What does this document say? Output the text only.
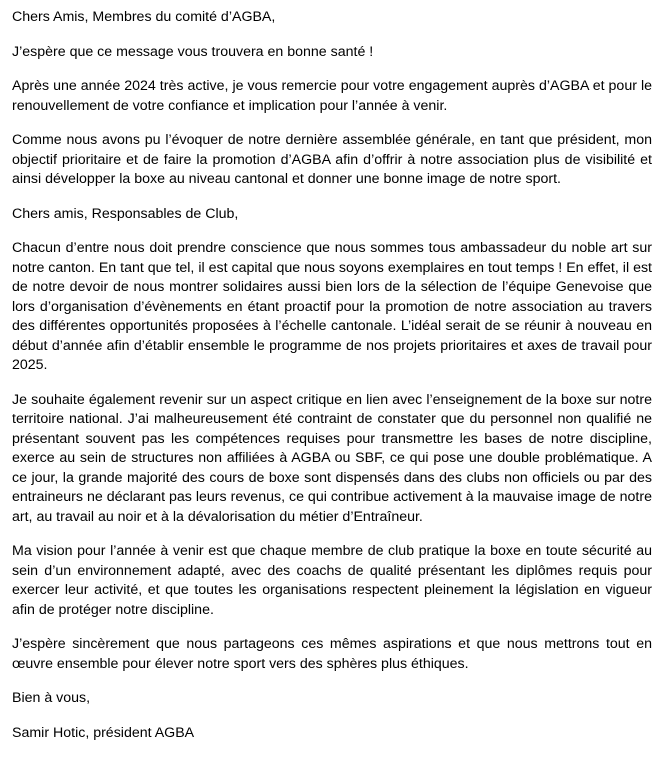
Chers Amis, Membres du comité d’AGBA,

J’espère que ce message vous trouvera en bonne santé !

Après une année 2024 très active, je vous remercie pour votre engagement auprès d’AGBA et pour le renouvellement de votre confiance et implication pour l’année à venir.

Comme nous avons pu l’évoquer de notre dernière assemblée générale, en tant que président, mon objectif prioritaire et de faire la promotion d’AGBA afin d’offrir à notre association plus de visibilité et ainsi développer la boxe au niveau cantonal et donner une bonne image de notre sport.

Chers amis, Responsables de Club,

Chacun d’entre nous doit prendre conscience que nous sommes tous ambassadeur du noble art sur notre canton. En tant que tel, il est capital que nous soyons exemplaires en tout temps ! En effet, il est de notre devoir de nous montrer solidaires aussi bien lors de la sélection de l’équipe Genevoise que lors d’organisation d’évènements en étant proactif pour la promotion de notre association au travers des différentes opportunités proposées à l’échelle cantonale. L’idéal serait de se réunir à nouveau en début d’année afin d’établir ensemble le programme de nos projets prioritaires et axes de travail pour 2025.

Je souhaite également revenir sur un aspect critique en lien avec l’enseignement de la boxe sur notre territoire national. J’ai malheureusement été contraint de constater que du personnel non qualifié ne présentant souvent pas les compétences requises pour transmettre les bases de notre discipline, exerce au sein de structures non affiliées à AGBA ou SBF, ce qui pose une double problématique. A ce jour, la grande majorité des cours de boxe sont dispensés dans des clubs non officiels ou par des entraineurs ne déclarant pas leurs revenus, ce qui contribue activement à la mauvaise image de notre art, au travail au noir et à la dévalorisation du métier d’Entraîneur.

Ma vision pour l’année à venir est que chaque membre de club pratique la boxe en toute sécurité au sein d’un environnement adapté, avec des coachs de qualité présentant les diplômes requis pour exercer leur activité, et que toutes les organisations respectent pleinement la législation en vigueur afin de protéger notre discipline.

J’espère sincèrement que nous partageons ces mêmes aspirations et que nous mettrons tout en œuvre ensemble pour élever notre sport vers des sphères plus éthiques.

Bien à vous,

Samir Hotic, président AGBA
